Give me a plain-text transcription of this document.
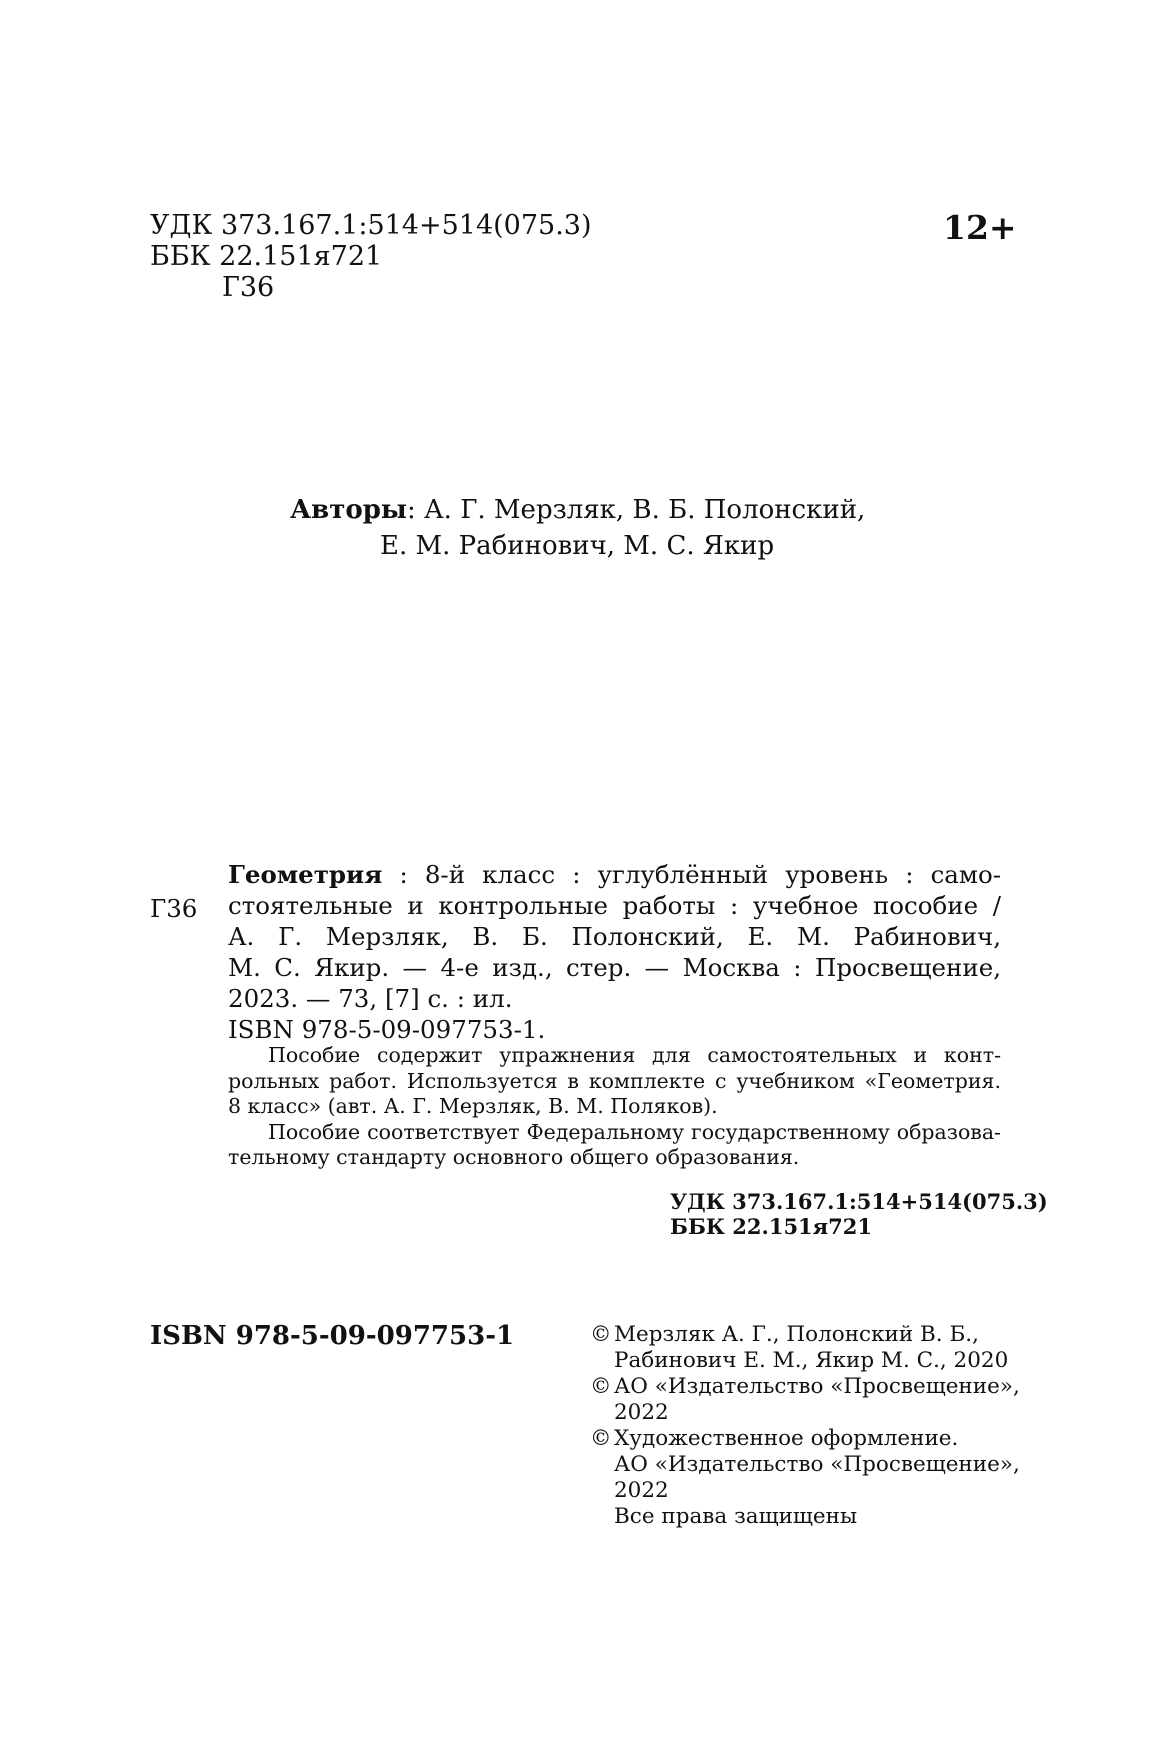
УДК 373.167.1:514+514(075.3)
ББК 22.151я721
Г36
12+
Авторы: А. Г. Мерзляк, В. Б. Полонский,
Е. М. Рабинович, М. С. Якир
Г36
Геометрия : 8-й класс : углублённый уровень : само-
стоятельные и контрольные работы : учебное пособие /
А. Г. Мерзляк, В. Б. Полонский, Е. М. Рабинович,
М. С. Якир. — 4-е изд., стер. — Москва : Просвещение,
2023. — 73, [7] с. : ил.
ISBN 978-5-09-097753-1.
Пособие содержит упражнения для самостоятельных и конт-
рольных работ. Используется в комплекте с учебником «Геометрия.
8 класс» (авт. А. Г. Мерзляк, В. М. Поляков).
Пособие соответствует Федеральному государственному образова-
тельному стандарту основного общего образования.
УДК 373.167.1:514+514(075.3)
ББК 22.151я721
ISBN 978-5-09-097753-1	© Мерзляк А. Г., Полонский В. Б.,
Рабинович Е. М., Якир М. С., 2020
© АО «Издательство «Просвещение»,
2022
© Художественное оформление.
АО «Издательство «Просвещение»,
2022
Все права защищены
